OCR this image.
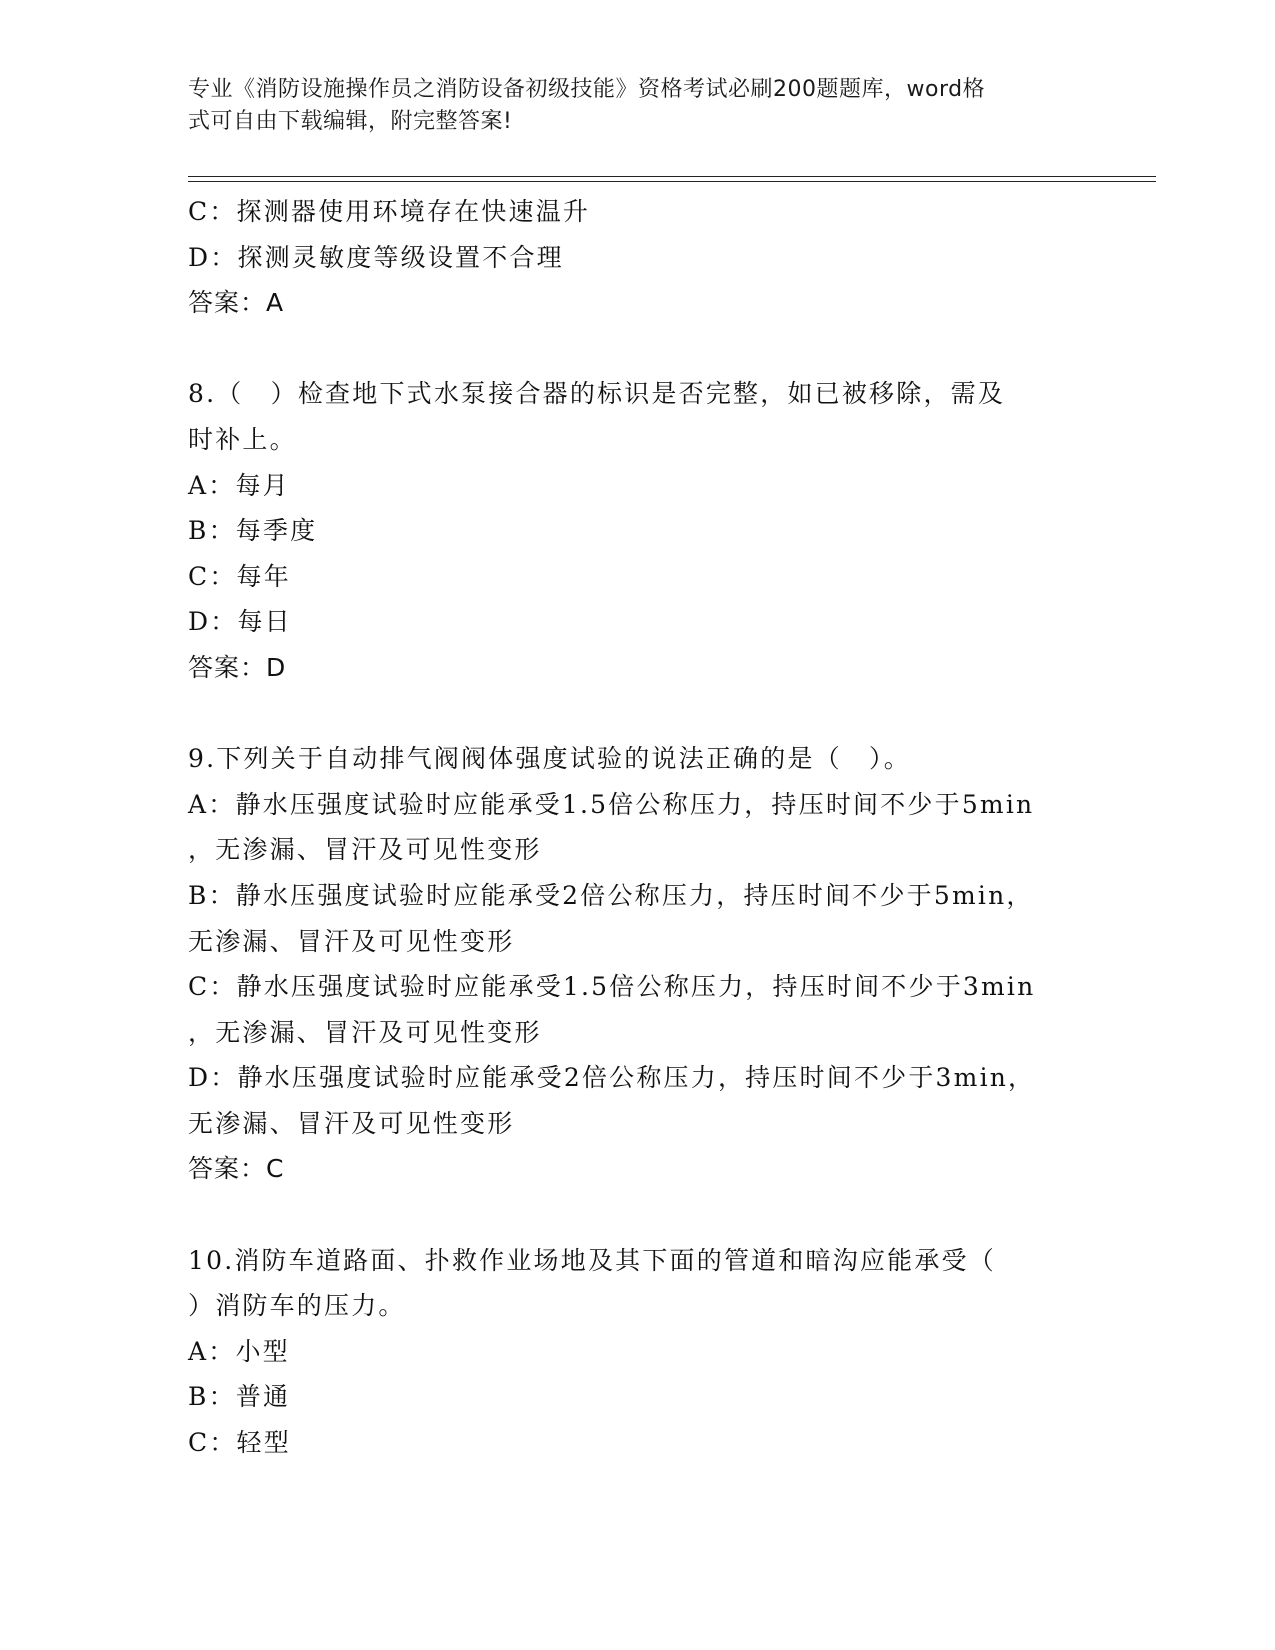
专业《消防设施操作员之消防设备初级技能》资格考试必刷200题题库，word格
式可自由下载编辑，附完整答案!
C：探测器使用环境存在快速温升
D：探测灵敏度等级设置不合理
答案：A
8.（　）检查地下式水泵接合器的标识是否完整，如已被移除，需及
时补上。
A：每月
B：每季度
C：每年
D：每日
答案：D
9.下列关于自动排气阀阀体强度试验的说法正确的是（　）。
A：静水压强度试验时应能承受1.5倍公称压力，持压时间不少于5min
，无渗漏、冒汗及可见性变形
B：静水压强度试验时应能承受2倍公称压力，持压时间不少于5min，
无渗漏、冒汗及可见性变形
C：静水压强度试验时应能承受1.5倍公称压力，持压时间不少于3min
，无渗漏、冒汗及可见性变形
D：静水压强度试验时应能承受2倍公称压力，持压时间不少于3min，
无渗漏、冒汗及可见性变形
答案：C
10.消防车道路面、扑救作业场地及其下面的管道和暗沟应能承受（
）消防车的压力。
A：小型
B：普通
C：轻型
